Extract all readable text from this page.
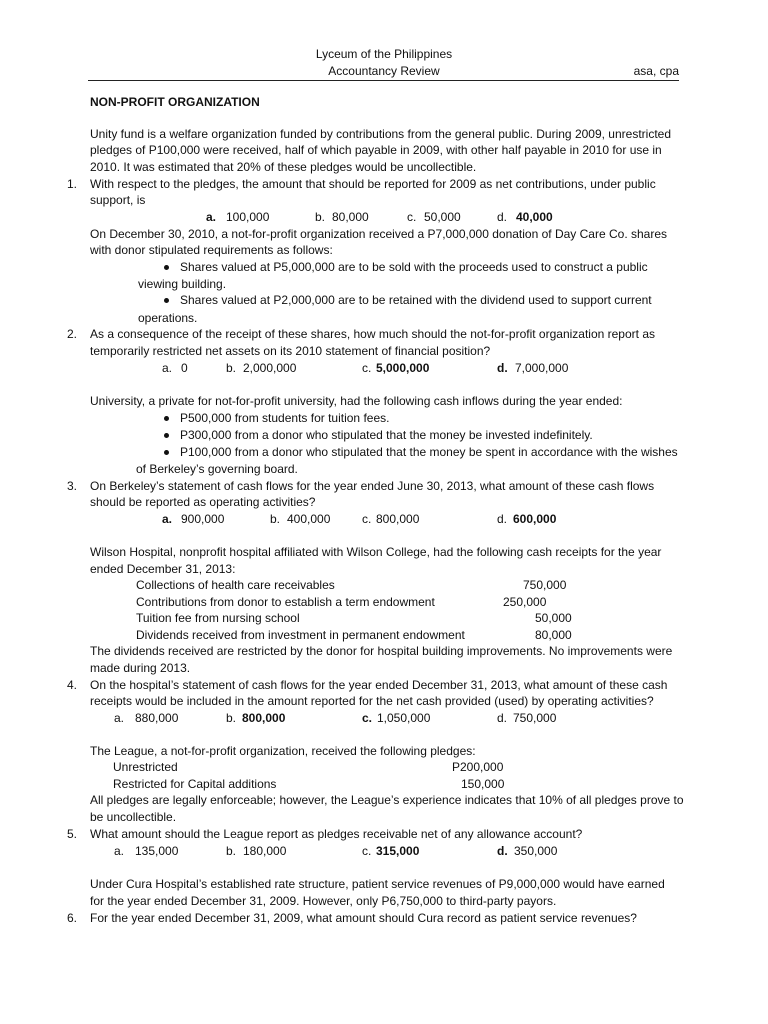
Lyceum of the Philippines
Accountancy Review	asa, cpa
NON-PROFIT ORGANIZATION
Unity fund is a welfare organization funded by contributions from the general public. During 2009, unrestricted
pledges of P100,000 were received, half of which payable in 2009, with other half payable in 2010 for use in
2010. It was estimated that 20% of these pledges would be uncollectible.
1. With respect to the pledges, the amount that should be reported for 2009 as net contributions, under public
support, is
a. 100,000	b. 80,000	c. 50,000	d. 40,000
On December 30, 2010, a not-for-profit organization received a P7,000,000 donation of Day Care Co. shares
with donor stipulated requirements as follows:
Shares valued at P5,000,000 are to be sold with the proceeds used to construct a public
viewing building.
Shares valued at P2,000,000 are to be retained with the dividend used to support current
operations.
2. As a consequence of the receipt of these shares, how much should the not-for-profit organization report as
temporarily restricted net assets on its 2010 statement of financial position?
a. 0	b. 2,000,000	c. 5,000,000	d. 7,000,000
University, a private for not-for-profit university, had the following cash inflows during the year ended:
P500,000 from students for tuition fees.
P300,000 from a donor who stipulated that the money be invested indefinitely.
P100,000 from a donor who stipulated that the money be spent in accordance with the wishes
of Berkeley’s governing board.
3. On Berkeley’s statement of cash flows for the year ended June 30, 2013, what amount of these cash flows
should be reported as operating activities?
a. 900,000	b. 400,000	c. 800,000	d. 600,000
Wilson Hospital, nonprofit hospital affiliated with Wilson College, had the following cash receipts for the year
ended December 31, 2013:
Collections of health care receivables	750,000
Contributions from donor to establish a term endowment	250,000
Tuition fee from nursing school	50,000
Dividends received from investment in permanent endowment	80,000
The dividends received are restricted by the donor for hospital building improvements. No improvements were
made during 2013.
4. On the hospital’s statement of cash flows for the year ended December 31, 2013, what amount of these cash
receipts would be included in the amount reported for the net cash provided (used) by operating activities?
a. 880,000	b. 800,000	c. 1,050,000	d. 750,000
The League, a not-for-profit organization, received the following pledges:
Unrestricted	P200,000
Restricted for Capital additions	150,000
All pledges are legally enforceable; however, the League’s experience indicates that 10% of all pledges prove to
be uncollectible.
5. What amount should the League report as pledges receivable net of any allowance account?
a. 135,000	b. 180,000	c. 315,000	d. 350,000
Under Cura Hospital’s established rate structure, patient service revenues of P9,000,000 would have earned
for the year ended December 31, 2009. However, only P6,750,000 to third-party payors.
6. For the year ended December 31, 2009, what amount should Cura record as patient service revenues?
